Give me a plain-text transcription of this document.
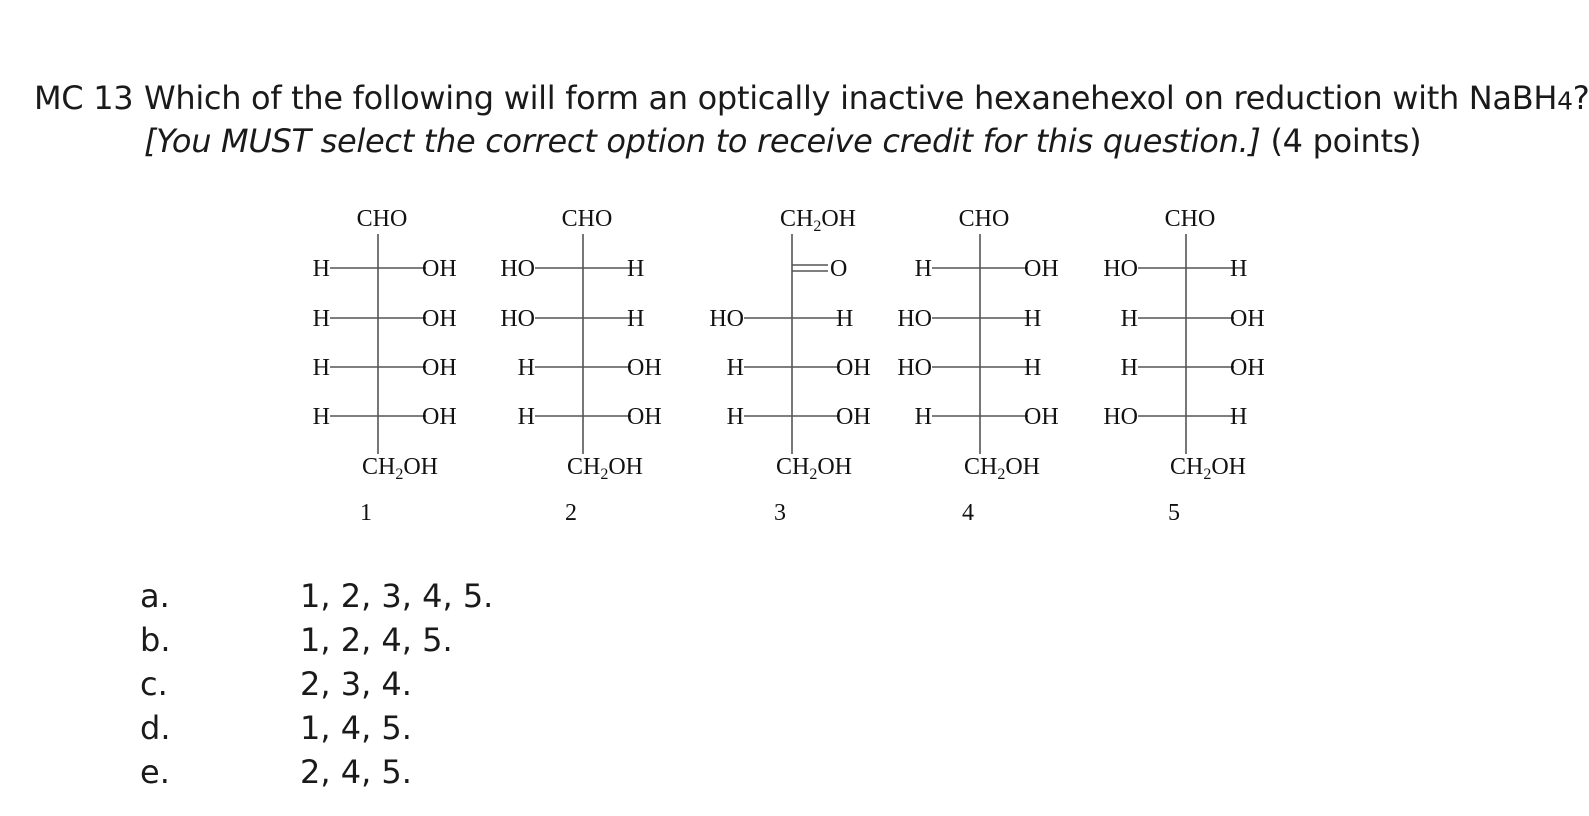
MC 13 Which of the following will form an optically inactive hexanehexol on reduction with NaBH4?
[You MUST select the correct option to receive credit for this question.] (4 points)
CHO
H	OH
H	OH
H	OH
H	OH
$CH_2OH$
1
CHO
HO	H
HO	H
H	OH
H	OH
$CH_2OH$
2
$CH_2OH$
O
HO	H
H	OH
H	OH
$CH_2OH$
3
CHO
H	OH
HO	H
HO	H
H	OH
$CH_2OH$
4
CHO
HO	H
H	OH
H	OH
HO	H
$CH_2OH$
5
a.	1, 2, 3, 4, 5.
b.	1, 2, 4, 5.
c.	2, 3, 4.
d.	1, 4, 5.
e.	2, 4, 5.
